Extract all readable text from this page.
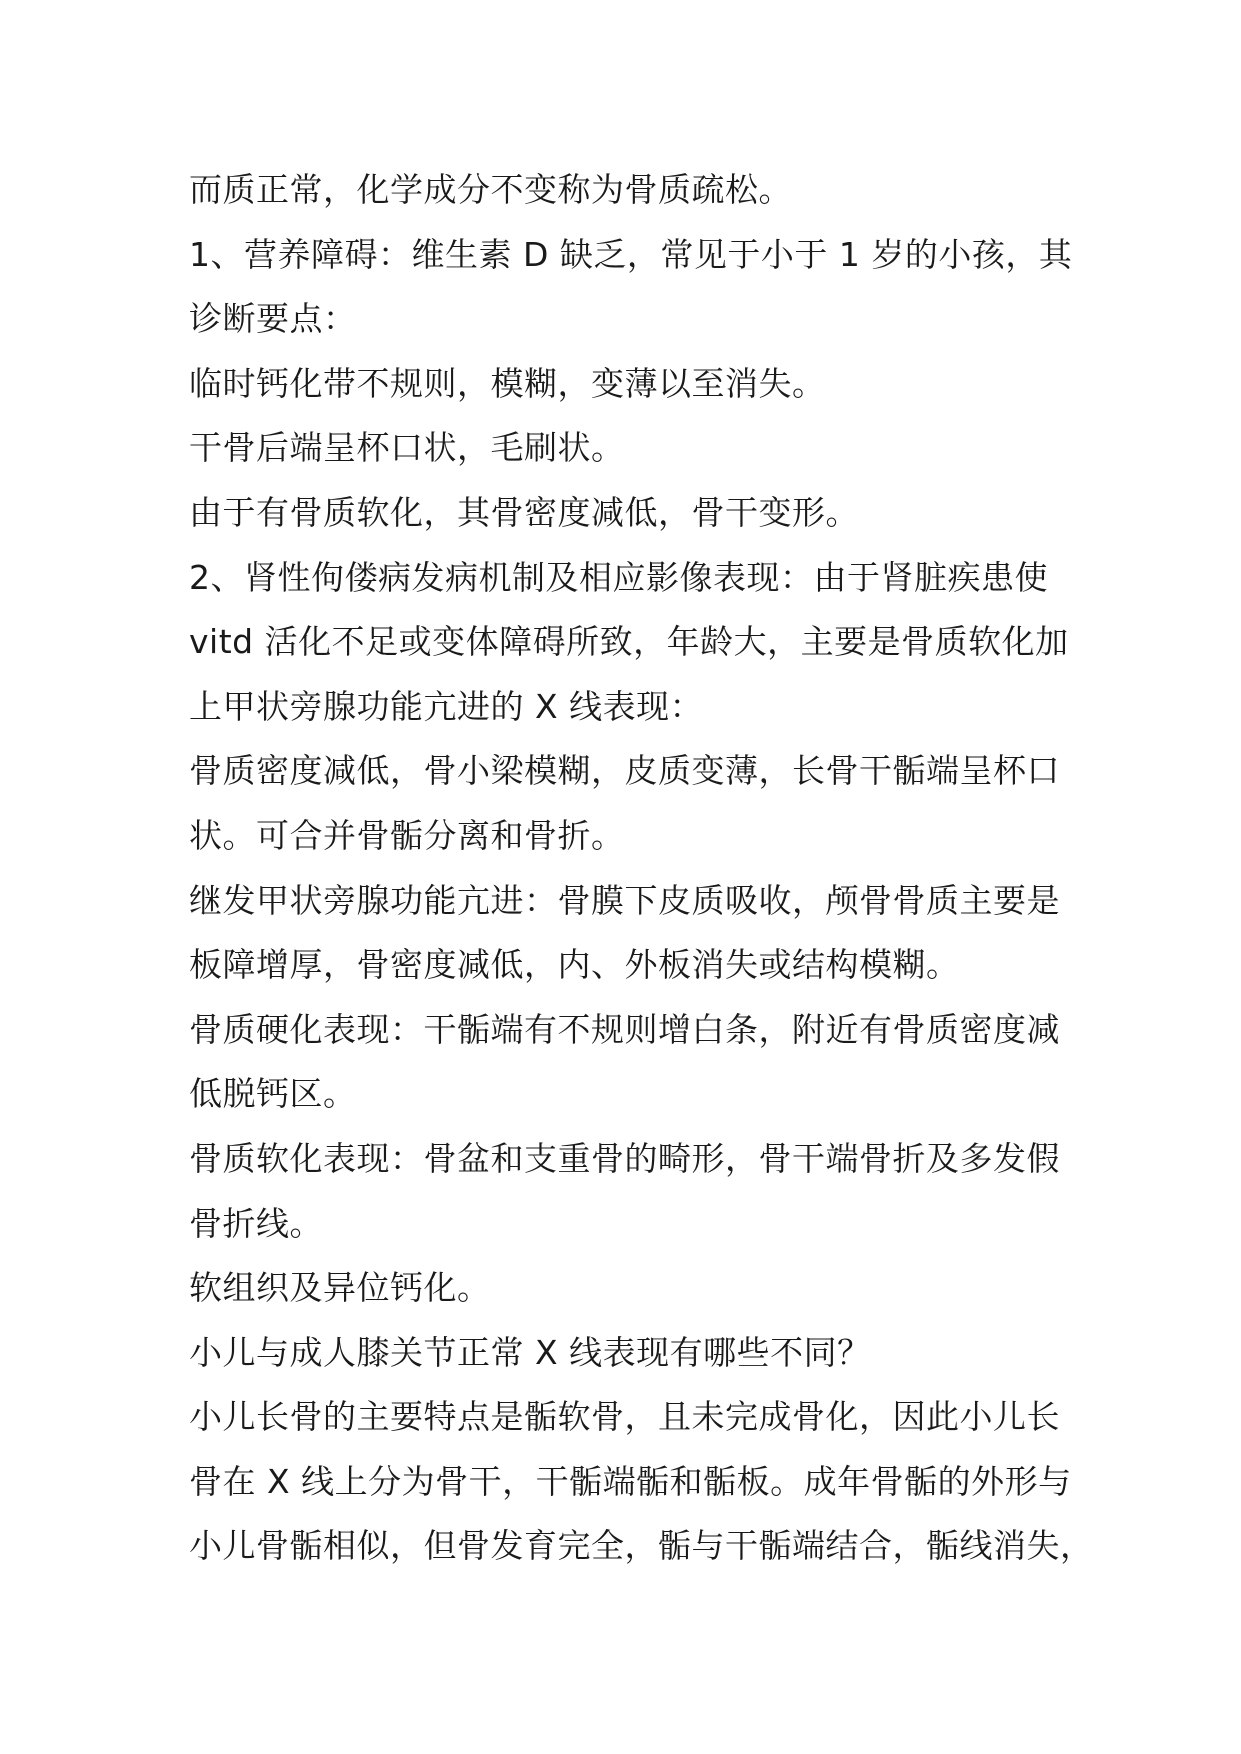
而质正常，化学成分不变称为骨质疏松。
1、营养障碍：维生素 D 缺乏，常见于小于 1 岁的小孩，其
诊断要点：
临时钙化带不规则，模糊，变薄以至消失。
干骨后端呈杯口状，毛刷状。
由于有骨质软化，其骨密度减低，骨干变形。
2、肾性佝偻病发病机制及相应影像表现：由于肾脏疾患使
vitd 活化不足或变体障碍所致，年龄大，主要是骨质软化加
上甲状旁腺功能亢进的 X 线表现：
骨质密度减低，骨小梁模糊，皮质变薄，长骨干骺端呈杯口
状。可合并骨骺分离和骨折。
继发甲状旁腺功能亢进：骨膜下皮质吸收，颅骨骨质主要是
板障增厚，骨密度减低，内、外板消失或结构模糊。
骨质硬化表现：干骺端有不规则增白条，附近有骨质密度减
低脱钙区。
骨质软化表现：骨盆和支重骨的畸形，骨干端骨折及多发假
骨折线。
软组织及异位钙化。
小儿与成人膝关节正常 X 线表现有哪些不同？
小儿长骨的主要特点是骺软骨，且未完成骨化，因此小儿长
骨在 X 线上分为骨干，干骺端骺和骺板。成年骨骺的外形与
小儿骨骺相似，但骨发育完全，骺与干骺端结合，骺线消失，
